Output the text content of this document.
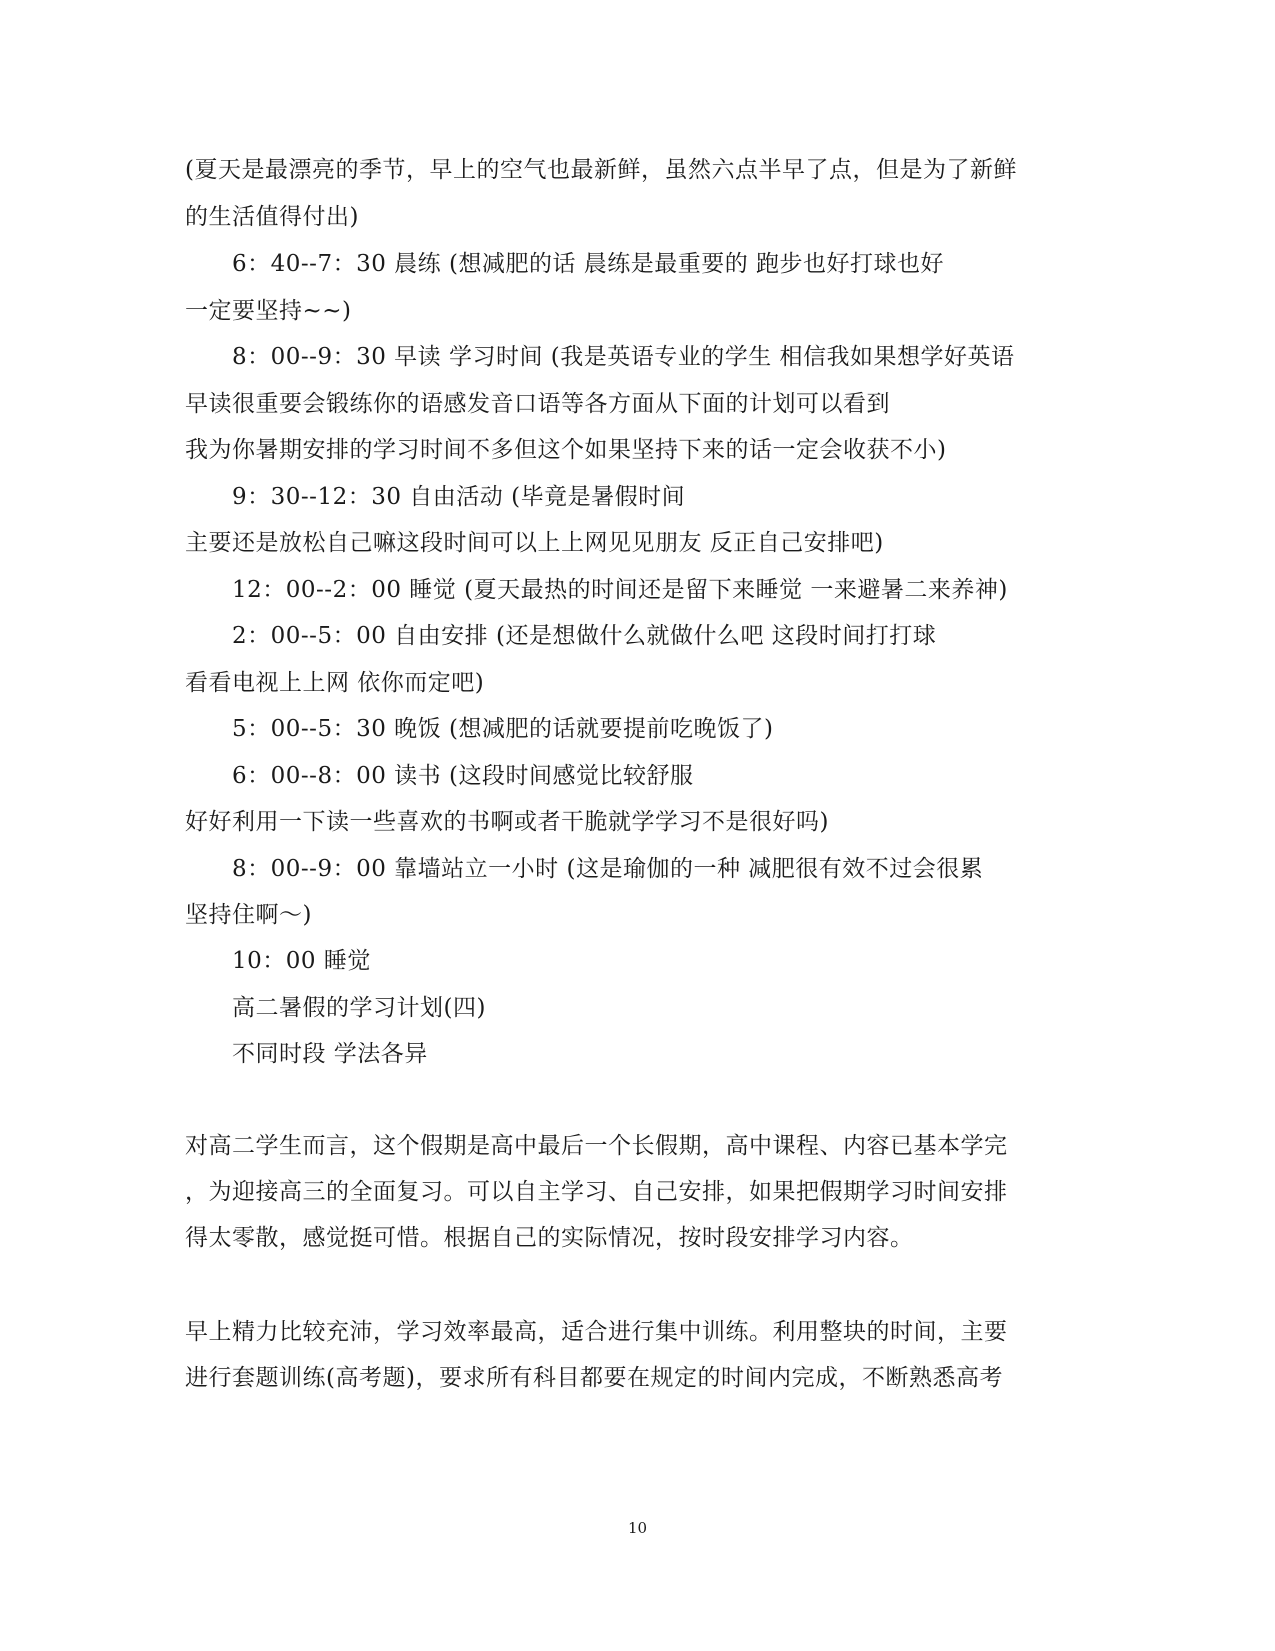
(夏天是最漂亮的季节，早上的空气也最新鲜，虽然六点半早了点，但是为了新鲜
的生活值得付出)
6：40--7：30 晨练 (想减肥的话 晨练是最重要的 跑步也好打球也好
一定要坚持~~)
8：00--9：30 早读 学习时间 (我是英语专业的学生 相信我如果想学好英语
早读很重要会锻练你的语感发音口语等各方面从下面的计划可以看到
我为你暑期安排的学习时间不多但这个如果坚持下来的话一定会收获不小)
9：30--12：30 自由活动 (毕竟是暑假时间
主要还是放松自己嘛这段时间可以上上网见见朋友 反正自己安排吧)
12：00--2：00 睡觉 (夏天最热的时间还是留下来睡觉 一来避暑二来养神)
2：00--5：00 自由安排 (还是想做什么就做什么吧 这段时间打打球
看看电视上上网 依你而定吧)
5：00--5：30 晚饭 (想减肥的话就要提前吃晚饭了)
6：00--8：00 读书 (这段时间感觉比较舒服
好好利用一下读一些喜欢的书啊或者干脆就学学习不是很好吗)
8：00--9：00 靠墙站立一小时 (这是瑜伽的一种 减肥很有效不过会很累
坚持住啊～)
10：00 睡觉
高二暑假的学习计划(四)
不同时段 学法各异
对高二学生而言，这个假期是高中最后一个长假期，高中课程、内容已基本学完
，为迎接高三的全面复习。可以自主学习、自己安排，如果把假期学习时间安排
得太零散，感觉挺可惜。根据自己的实际情况，按时段安排学习内容。
早上精力比较充沛，学习效率最高，适合进行集中训练。利用整块的时间，主要
进行套题训练(高考题)，要求所有科目都要在规定的时间内完成，不断熟悉高考
10
